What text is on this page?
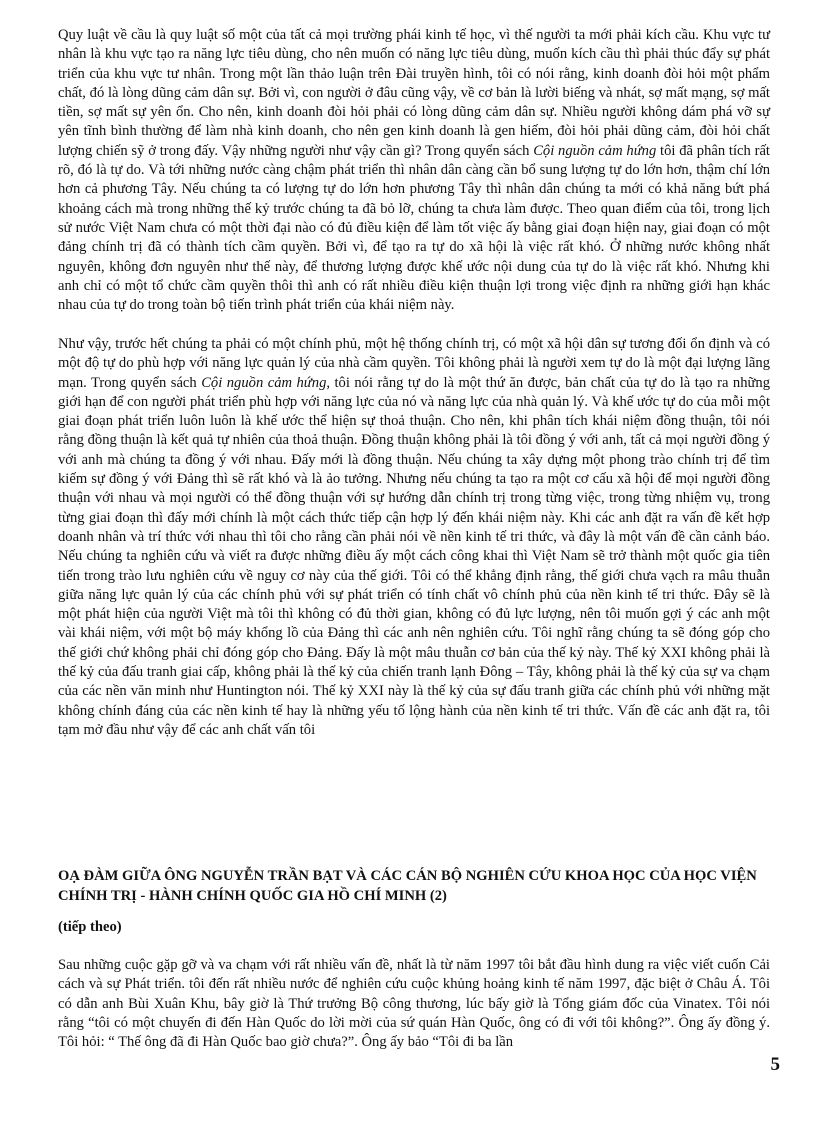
Quy luật về cầu là quy luật số một của tất cả mọi trường phái kinh tế học, vì thế người ta mới phải kích cầu. Khu vực tư nhân là khu vực tạo ra năng lực tiêu dùng, cho nên muốn có năng lực tiêu dùng, muốn kích cầu thì phải thúc đẩy sự phát triển của khu vực tư nhân. Trong một lần thảo luận trên Đài truyền hình, tôi có nói rằng, kinh doanh đòi hỏi một phẩm chất, đó là lòng dũng cảm dân sự. Bởi vì, con người ở đâu cũng vậy, về cơ bản là lười biếng và nhát, sợ mất mạng, sợ mất tiền, sợ mất sự yên ổn. Cho nên, kinh doanh đòi hỏi phải có lòng dũng cảm dân sự. Nhiều người không dám phá vỡ sự yên tĩnh bình thường để làm nhà kinh doanh, cho nên gen kinh doanh là gen hiếm, đòi hỏi phải dũng cảm, đòi hỏi chất lượng chiến sỹ ở trong đấy. Vậy những người như vậy cần gì? Trong quyển sách Cội nguồn cảm hứng tôi đã phân tích rất rõ, đó là tự do. Và tới những nước càng chậm phát triển thì nhân dân càng cần bổ sung lượng tự do lớn hơn, thậm chí lớn hơn cả phương Tây. Nếu chúng ta có lượng tự do lớn hơn phương Tây thì nhân dân chúng ta mới có khả năng bứt phá khoảng cách mà trong những thế kỷ trước chúng ta đã bỏ lỡ, chúng ta chưa làm được. Theo quan điểm của tôi, trong lịch sử nước Việt Nam chưa có một thời đại nào có đủ điều kiện để làm tốt việc ấy bằng giai đoạn hiện nay, giai đoạn có một đảng chính trị đã có thành tích cầm quyền. Bởi vì, để tạo ra tự do xã hội là việc rất khó. Ở những nước không nhất nguyên, không đơn nguyên như thế này, để thương lượng được khế ước nội dung của tự do là việc rất khó. Nhưng khi anh chỉ có một tổ chức cầm quyền thôi thì anh có rất nhiều điều kiện thuận lợi trong việc định ra những giới hạn khác nhau của tự do trong toàn bộ tiến trình phát triển của khái niệm này.

Như vậy, trước hết chúng ta phải có một chính phủ, một hệ thống chính trị, có một xã hội dân sự tương đối ổn định và có một độ tự do phù hợp với năng lực quản lý của nhà cầm quyền. Tôi không phải là người xem tự do là một đại lượng lãng mạn. Trong quyển sách Cội nguồn cảm hứng, tôi nói rằng tự do là một thứ ăn được, bản chất của tự do là tạo ra những giới hạn để con người phát triển phù hợp với năng lực của nó và năng lực của nhà quản lý. Và khế ước tự do của mỗi một giai đoạn phát triển luôn luôn là khế ước thể hiện sự thoả thuận. Cho nên, khi phân tích khái niệm đồng thuận, tôi nói rằng đồng thuận là kết quả tự nhiên của thoả thuận. Đồng thuận không phải là tôi đồng ý với anh, tất cả mọi người đồng ý với anh mà chúng ta đồng ý với nhau. Đấy mới là đồng thuận. Nếu chúng ta xây dựng một phong trào chính trị để tìm kiếm sự đồng ý với Đảng thì sẽ rất khó và là ảo tưởng. Nhưng nếu chúng ta tạo ra một cơ cấu xã hội để mọi người đồng thuận với nhau và mọi người có thể đồng thuận với sự hướng dẫn chính trị trong từng việc, trong từng nhiệm vụ, trong từng giai đoạn thì đấy mới chính là một cách thức tiếp cận hợp lý đến khái niệm này. Khi các anh đặt ra vấn đề kết hợp doanh nhân và trí thức với nhau thì tôi cho rằng cần phải nói về nền kinh tế tri thức, và đây là một vấn đề cần cảnh báo. Nếu chúng ta nghiên cứu và viết ra được những điều ấy một cách công khai thì Việt Nam sẽ trở thành một quốc gia tiên tiến trong trào lưu nghiên cứu về nguy cơ này của thế giới. Tôi có thể khẳng định rằng, thế giới chưa vạch ra mâu thuẫn giữa năng lực quản lý của các chính phủ với sự phát triển có tính chất vô chính phủ của nền kinh tế tri thức. Đây sẽ là một phát hiện của người Việt mà tôi thì không có đủ thời gian, không có đủ lực lượng, nên tôi muốn gợi ý các anh một vài khái niệm, với một bộ máy khổng lồ của Đảng thì các anh nên nghiên cứu. Tôi nghĩ rằng chúng ta sẽ đóng góp cho thế giới chứ không phải chỉ đóng góp cho Đảng. Đấy là một mâu thuẫn cơ bản của thế kỷ này. Thế kỷ XXI không phải là thế kỷ của đấu tranh giai cấp, không phải là thế kỷ của chiến tranh lạnh Đông – Tây, không phải là thế kỷ của sự va chạm của các nền văn minh như Huntington nói. Thế kỷ XXI này là thế kỷ của sự đấu tranh giữa các chính phủ với những mặt không chính đáng của các nền kinh tế hay là những yếu tố lộng hành của nền kinh tế tri thức. Vấn đề các anh đặt ra, tôi tạm mở đầu như vậy để các anh chất vấn tôi

OẠ ĐÀM GIỮA ÔNG NGUYỄN TRẦN BẠT VÀ CÁC CÁN BỘ NGHIÊN CỨU KHOA HỌC CỦA HỌC VIỆN CHÍNH TRỊ - HÀNH CHÍNH QUỐC GIA HỒ CHÍ MINH (2)
(tiếp theo)
Sau những cuộc gặp gỡ và va chạm với rất nhiều vấn đề, nhất là từ năm 1997 tôi bắt đầu hình dung ra việc viết cuốn Cải cách và sự Phát triển. tôi đến rất nhiều nước để nghiên cứu cuộc khủng hoảng kinh tế năm 1997, đặc biệt ở Châu Á. Tôi có dẫn anh Bùi Xuân Khu, bây giờ là Thứ trưởng Bộ công thương, lúc bấy giờ là Tổng giám đốc của Vinatex. Tôi nói rằng “tôi có một chuyến đi đến Hàn Quốc do lời mời của sứ quán Hàn Quốc, ông có đi với tôi không?”. Ông ấy đồng ý. Tôi hỏi: “ Thế ông đã đi Hàn Quốc bao giờ chưa?”. Ông ấy bảo “Tôi đi ba lần
5
